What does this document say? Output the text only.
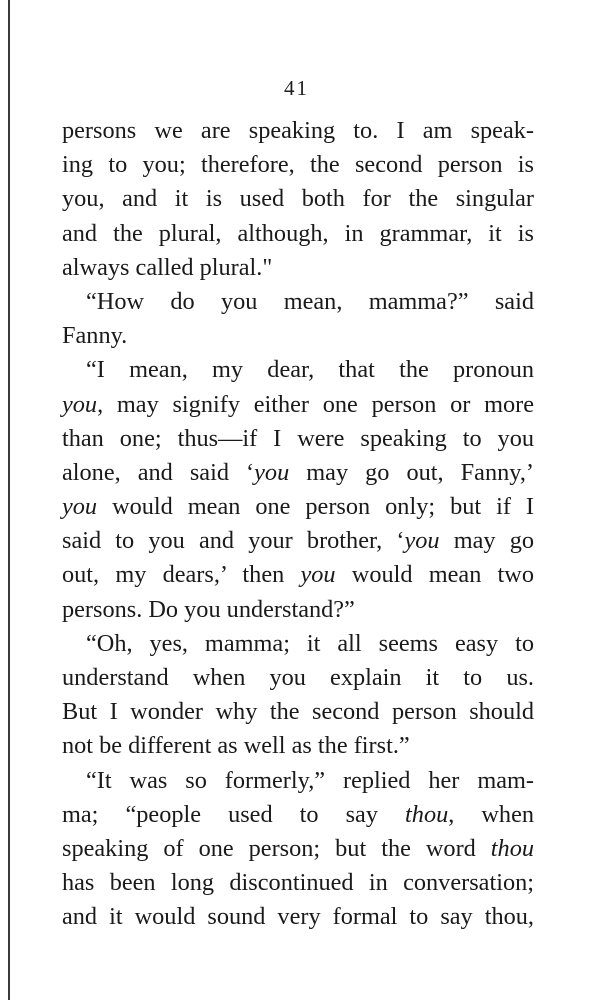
41
persons we are speaking to. I am speak-
ing to you; therefore, the second person is
you, and it is used both for the singular
and the plural, although, in grammar, it is
always called plural."
“How do you mean, mamma?” said
Fanny.
“I mean, my dear, that the pronoun
you, may signify either one person or more
than one; thus—if I were speaking to you
alone, and said ‘you may go out, Fanny,’
you would mean one person only; but if I
said to you and your brother, ‘you may go
out, my dears,’ then you would mean two
persons. Do you understand?”
“Oh, yes, mamma; it all seems easy to
understand when you explain it to us.
But I wonder why the second person should
not be different as well as the first.”
“It was so formerly,” replied her mam-
ma; “people used to say thou, when
speaking of one person; but the word thou
has been long discontinued in conversation;
and it would sound very formal to say thou,
